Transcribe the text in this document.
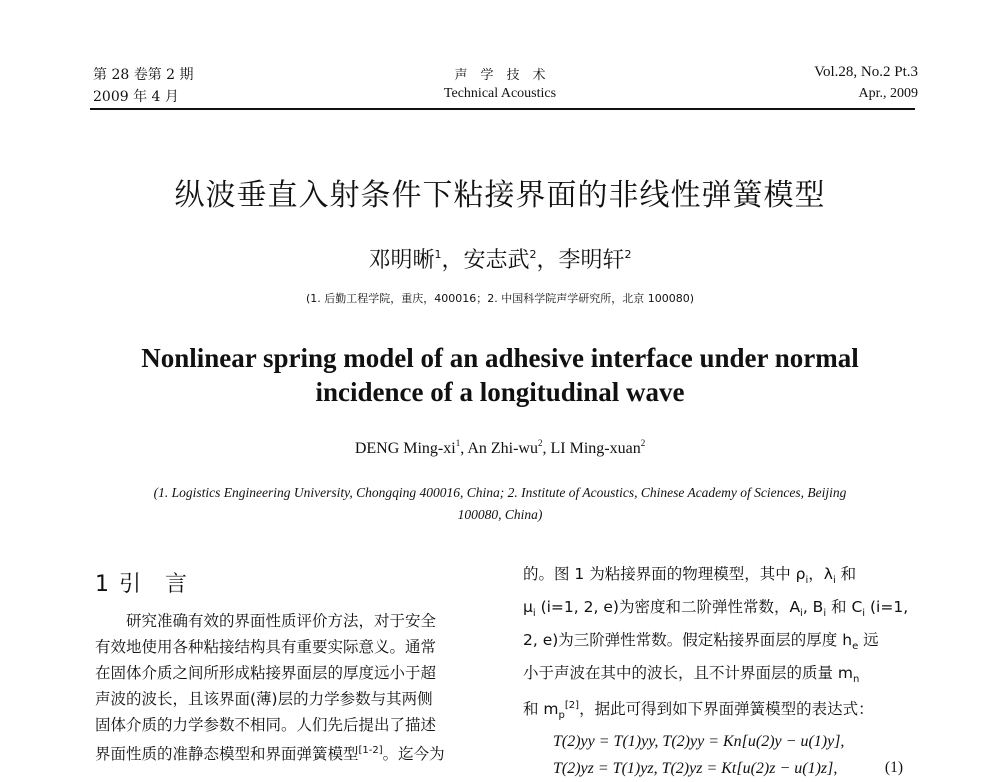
第 28 卷第 2 期
2009 年 4 月
声　学　技　术
Technical Acoustics
Vol.28, No.2 Pt.3
Apr., 2009
纵波垂直入射条件下粘接界面的非线性弹簧模型
邓明晰$^1$，安志武$^2$，李明轩$^2$
(1. 后勤工程学院，重庆，400016；2. 中国科学院声学研究所，北京 100080)
Nonlinear spring model of an adhesive interface under normal
incidence of a longitudinal wave
DENG Ming-$xi^1$, An Zhi-$wu^2$, LI Ming-xuan$^2$
(1. Logistics Engineering University, Chongqing 400016, China; 2. Institute of Acoustics, Chinese Academy of Sciences, Beijing
100080, China)
1 引 言
研究准确有效的界面性质评价方法，对于安全
有效地使用各种粘接结构具有重要实际意义。通常
在固体介质之间所形成粘接界面层的厚度远小于超
声波的波长，且该界面(薄)层的力学参数与其两侧
固体介质的力学参数不相同。人们先后提出了描述
界面性质的准静态模型和界面弹簧模型[1-2]。迄今为
的。图 1 为粘接界面的物理模型，其中 $\rho_i$，$\lambda_i$ 和
$\mu_i$ (i=1, 2, e)为密度和二阶弹性常数，$A_i$, $B_i$ 和 $C_i$ (i=1,
2, e)为三阶弹性常数。假定粘接界面层的厚度 $h_e$ 远
小于声波在其中的波长，且不计界面层的质量 $m_n$
和 $m_p[2]$，据此可得到如下界面弹簧模型的表达式：
T(2)yy = T(1)yy, T(2)yy = Kn[u(2)y − u(1)y],
T(2)yz = T(1)yz, T(2)yz = Kt[u(2)z − u(1)z],	(1)
